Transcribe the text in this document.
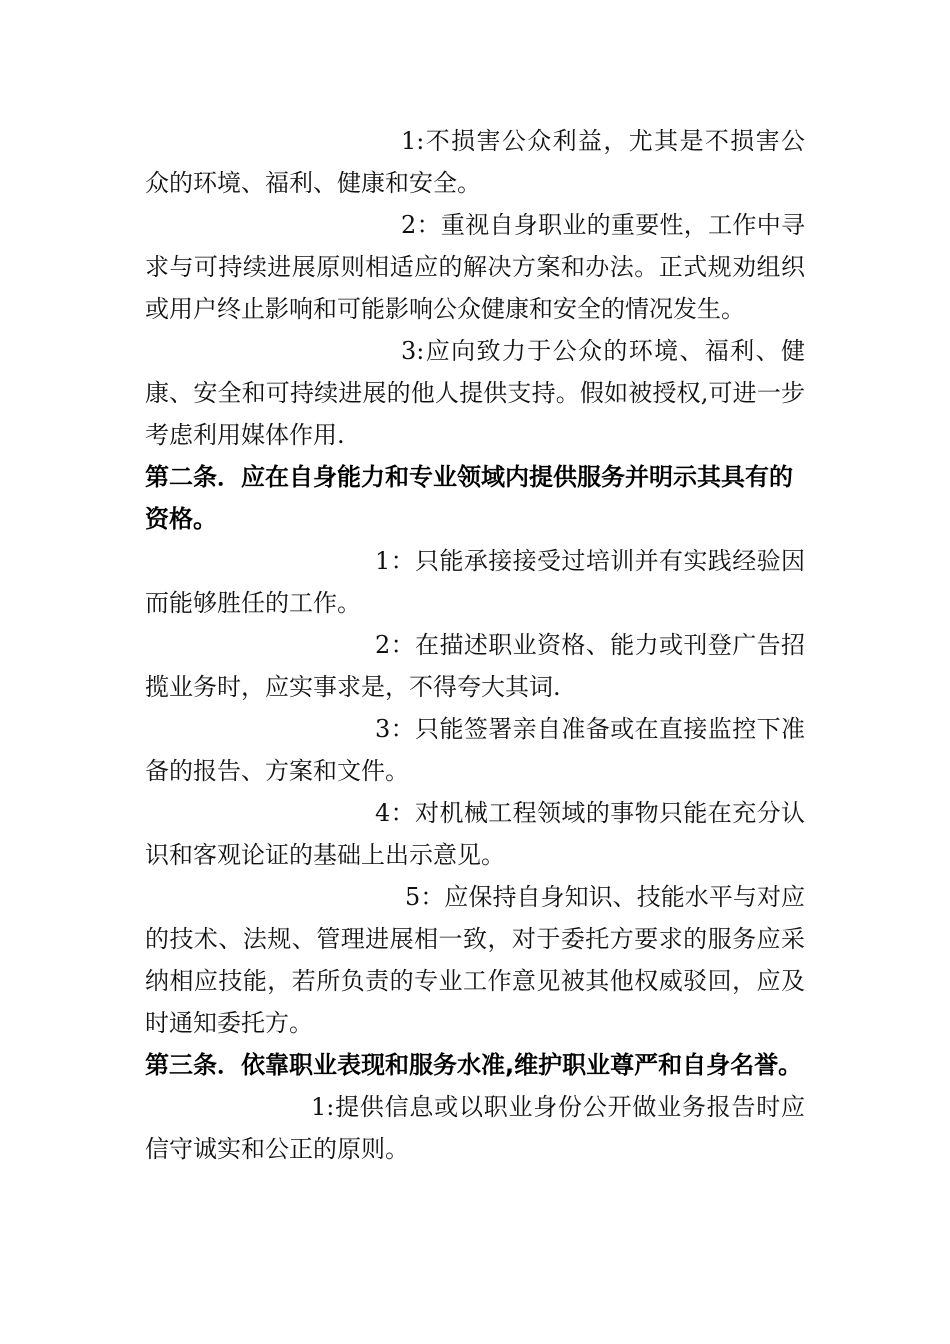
1:不损害公众利益，尤其是不损害公众的环境、福利、健康和安全。

2：重视自身职业的重要性，工作中寻求与可持续进展原则相适应的解决方案和办法。正式规劝组织或用户终止影响和可能影响公众健康和安全的情况发生。

3:应向致力于公众的环境、福利、健康、安全和可持续进展的他人提供支持。假如被授权,可进一步考虑利用媒体作用.

第二条．应在自身能力和专业领域内提供服务并明示其具有的资格。

1：只能承接接受过培训并有实践经验因而能够胜任的工作。

2：在描述职业资格、能力或刊登广告招揽业务时，应实事求是，不得夸大其词.

3：只能签署亲自准备或在直接监控下准备的报告、方案和文件。

4：对机械工程领域的事物只能在充分认识和客观论证的基础上出示意见。

5：应保持自身知识、技能水平与对应的技术、法规、管理进展相一致，对于委托方要求的服务应采纳相应技能，若所负责的专业工作意见被其他权威驳回，应及时通知委托方。

第三条．依靠职业表现和服务水准,维护职业尊严和自身名誉。

1:提供信息或以职业身份公开做业务报告时应信守诚实和公正的原则。
